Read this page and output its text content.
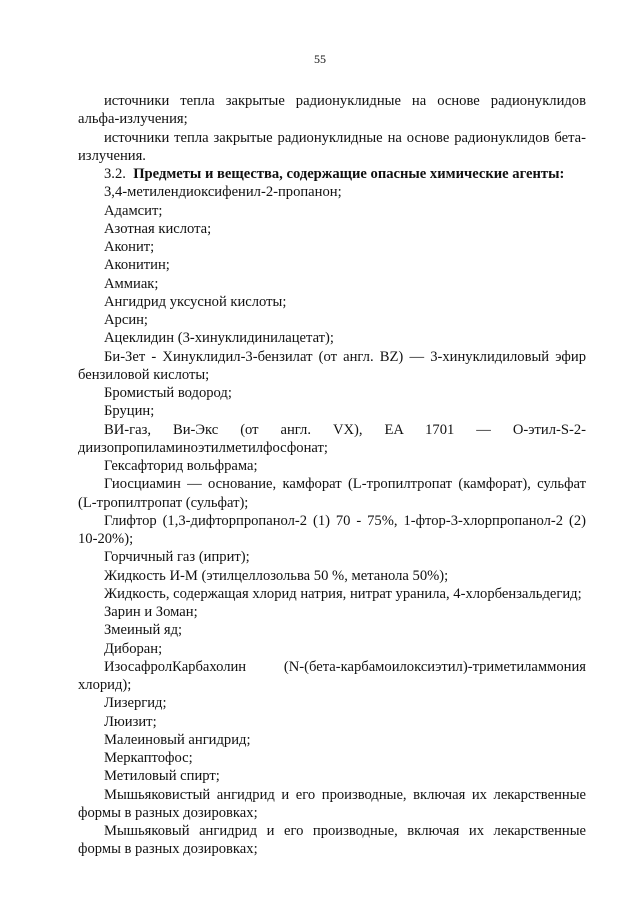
55

источники тепла закрытые радионуклидные на основе радионуклидов альфа-излучения;

источники тепла закрытые радионуклидные на основе радионуклидов бета-излучения.

3.2. Предметы и вещества, содержащие опасные химические агенты:

3,4-метилендиоксифенил-2-пропанон;

Адамсит;

Азотная кислота;

Аконит;

Аконитин;

Аммиак;

Ангидрид уксусной кислоты;

Арсин;

Ацеклидин (3-хинуклидинилацетат);

Би-Зет - Хинуклидил-3-бензилат (от англ. BZ) — 3-хинуклидиловый эфир бензиловой кислоты;

Бромистый водород;

Бруцин;

ВИ-газ, Ви-Экс (от англ. VX), EA 1701 — О-этил-S-2-диизопропиламиноэтилметилфосфонат;

Гексафторид вольфрама;

Гиосциамин — основание, камфорат (L-тропилтропат (камфорат), сульфат (L-тропилтропат (сульфат);

Глифтор (1,3-дифторпропанол-2 (1) 70 - 75%, 1-фтор-3-хлорпропанол-2 (2) 10-20%);

Горчичный газ (иприт);

Жидкость И-М (этилцеллозольва 50 %, метанола 50%);

Жидкость, содержащая хлорид натрия, нитрат уранила, 4-хлорбензальдегид;

Зарин и Зоман;

Змеиный яд;

Диборан;

ИзосафролКарбахолин (N-(бета-карбамоилоксиэтил)-триметиламмония хлорид);

Лизергид;

Люизит;

Малеиновый ангидрид;

Меркаптофос;

Метиловый спирт;

Мышьяковистый ангидрид и его производные, включая их лекарственные формы в разных дозировках;

Мышьяковый ангидрид и его производные, включая их лекарственные формы в разных дозировках;
